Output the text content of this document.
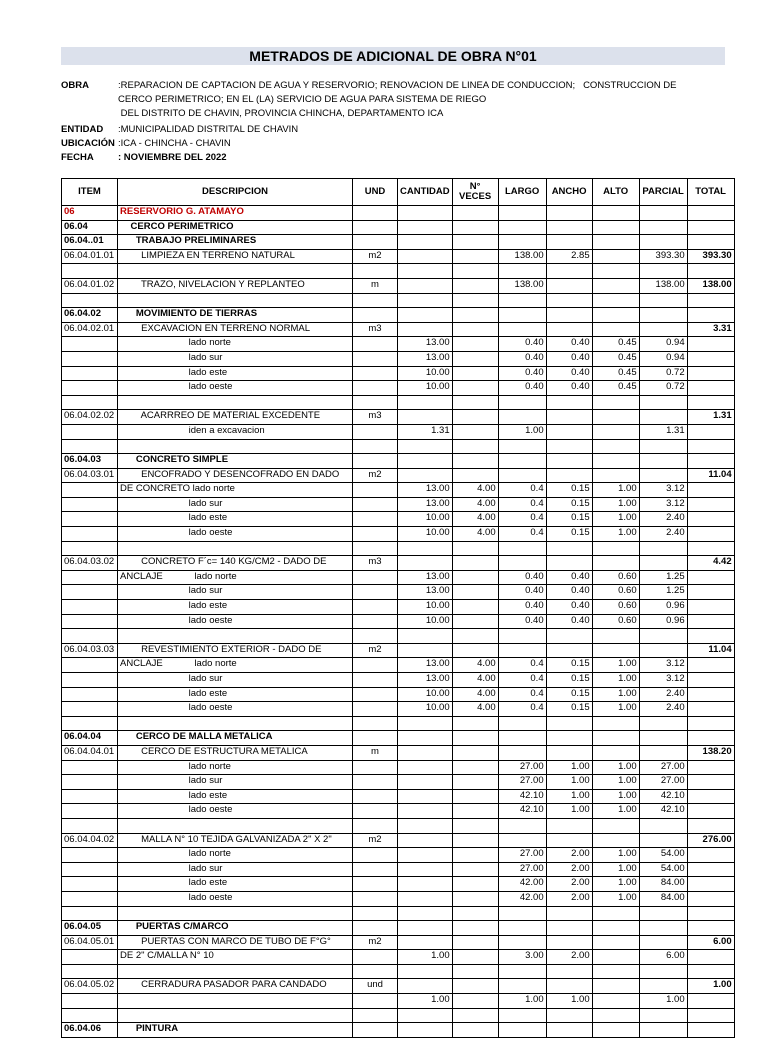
METRADOS DE ADICIONAL DE OBRA N°01
OBRA	:REPARACION DE CAPTACION DE AGUA Y RESERVORIO; RENOVACION DE LINEA DE CONDUCCION;   CONSTRUCCION DE
CERCO PERIMETRICO; EN EL (LA) SERVICIO DE AGUA PARA SISTEMA DE RIEGO
DEL DISTRITO DE CHAVIN, PROVINCIA CHINCHA, DEPARTAMENTO ICA
ENTIDAD :MUNICIPALIDAD DISTRITAL DE CHAVIN
UBICACIÓN :ICA - CHINCHA - CHAVIN
FECHA	: NOVIEMBRE DEL 2022
ITEM	DESCRIPCION	UND	CANTIDAD	N° VECES	LARGO	ANCHO	ALTO	PARCIAL	TOTAL
06	RESERVORIO G. ATAMAYO								
06.04	CERCO PERIMETRICO								
06.04..01	TRABAJO PRELIMINARES								
06.04.01.01	LIMPIEZA EN TERRENO NATURAL	m2			138.00	2.85		393.30	393.30

06.04.01.02	TRAZO, NIVELACION Y REPLANTEO	m			138.00			138.00	138.00

06.04.02	MOVIMIENTO DE TIERRAS								
06.04.02.01	EXCAVACION EN TERRENO NORMAL	m3							3.31
	lado norte		13.00		0.40	0.40	0.45	0.94	
	lado sur		13.00		0.40	0.40	0.45	0.94	
	lado este		10.00		0.40	0.40	0.45	0.72	
	lado oeste		10.00		0.40	0.40	0.45	0.72	

06.04.02.02	ACARRREO DE MATERIAL EXCEDENTE	m3							1.31
	iden a excavacion		1.31		1.00			1.31	

06.04.03	CONCRETO SIMPLE								
06.04.03.01	ENCOFRADO Y DESENCOFRADO EN DADO	m2							11.04
	DE CONCRETO lado norte		13.00	4.00	0.4	0.15	1.00	3.12	
	lado sur		13.00	4.00	0.4	0.15	1.00	3.12	
	lado este		10.00	4.00	0.4	0.15	1.00	2.40	
	lado oeste		10.00	4.00	0.4	0.15	1.00	2.40	

06.04.03.02	CONCRETO F´c= 140 KG/CM2 - DADO DE	m3							4.42
	ANCLAJE            lado norte		13.00		0.40	0.40	0.60	1.25	
	lado sur		13.00		0.40	0.40	0.60	1.25	
	lado este		10.00		0.40	0.40	0.60	0.96	
	lado oeste		10.00		0.40	0.40	0.60	0.96	

06.04.03.03	REVESTIMIENTO EXTERIOR - DADO DE	m2							11.04
	ANCLAJE            lado norte		13.00	4.00	0.4	0.15	1.00	3.12	
	lado sur		13.00	4.00	0.4	0.15	1.00	3.12	
	lado este		10.00	4.00	0.4	0.15	1.00	2.40	
	lado oeste		10.00	4.00	0.4	0.15	1.00	2.40	

06.04.04	CERCO DE MALLA METALICA								
06.04.04.01	CERCO DE ESTRUCTURA METALICA	m							138.20
	lado norte				27.00	1.00	1.00	27.00	
	lado sur				27.00	1.00	1.00	27.00	
	lado este				42.10	1.00	1.00	42.10	
	lado oeste				42.10	1.00	1.00	42.10	

06.04.04.02	MALLA N° 10 TEJIDA GALVANIZADA 2" X 2"	m2							276.00
	lado norte				27.00	2.00	1.00	54.00	
	lado sur				27.00	2.00	1.00	54.00	
	lado este				42.00	2.00	1.00	84.00	
	lado oeste				42.00	2.00	1.00	84.00	

06.04.05	PUERTAS C/MARCO								
06.04.05.01	PUERTAS CON MARCO DE TUBO DE F°G°	m2							6.00
	DE 2" C/MALLA N° 10		1.00		3.00	2.00		6.00	

06.04.05.02	CERRADURA PASADOR PARA CANDADO	und							1.00
			1.00		1.00	1.00		1.00	

06.04.06	PINTURA								
